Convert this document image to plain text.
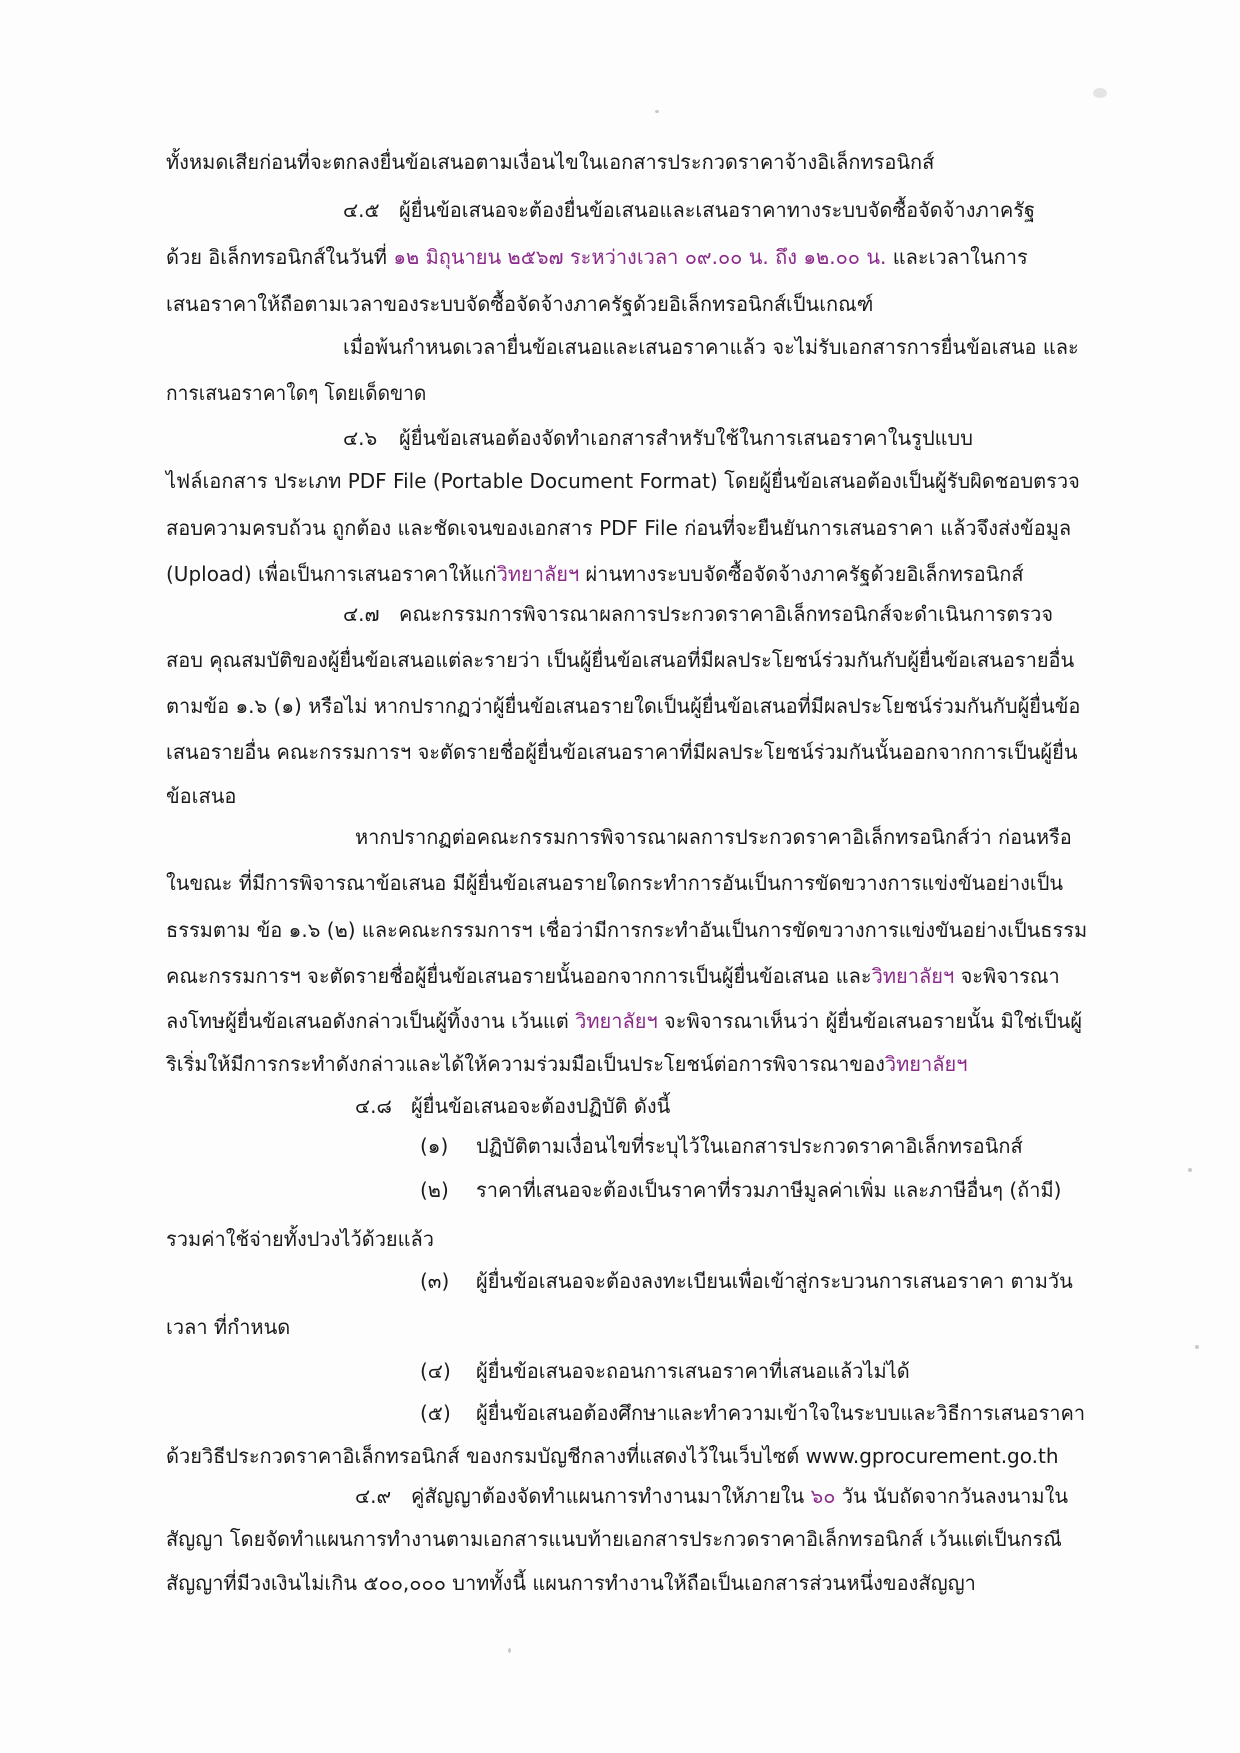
ทั้งหมดเสียก่อนที่จะตกลงยื่นข้อเสนอตามเงื่อนไขในเอกสารประกวดราคาจ้างอิเล็กทรอนิกส์
๔.๕ ผู้ยื่นข้อเสนอจะต้องยื่นข้อเสนอและเสนอราคาทางระบบจัดซื้อจัดจ้างภาครัฐ
ด้วย อิเล็กทรอนิกส์ในวันที่ ๑๒ มิถุนายน ๒๕๖๗ ระหว่างเวลา ๐๙.๐๐ น. ถึง ๑๒.๐๐ น. และเวลาในการ
เสนอราคาให้ถือตามเวลาของระบบจัดซื้อจัดจ้างภาครัฐด้วยอิเล็กทรอนิกส์เป็นเกณฑ์
เมื่อพ้นกำหนดเวลายื่นข้อเสนอและเสนอราคาแล้ว จะไม่รับเอกสารการยื่นข้อเสนอ และ
การเสนอราคาใดๆ โดยเด็ดขาด
๔.๖ ผู้ยื่นข้อเสนอต้องจัดทำเอกสารสำหรับใช้ในการเสนอราคาในรูปแบบ
ไฟล์เอกสาร ประเภท PDF File (Portable Document Format) โดยผู้ยื่นข้อเสนอต้องเป็นผู้รับผิดชอบตรวจ
สอบความครบถ้วน ถูกต้อง และชัดเจนของเอกสาร PDF File ก่อนที่จะยืนยันการเสนอราคา แล้วจึงส่งข้อมูล
(Upload) เพื่อเป็นการเสนอราคาให้แก่วิทยาลัยฯ ผ่านทางระบบจัดซื้อจัดจ้างภาครัฐด้วยอิเล็กทรอนิกส์
๔.๗ คณะกรรมการพิจารณาผลการประกวดราคาอิเล็กทรอนิกส์จะดำเนินการตรวจ
สอบ คุณสมบัติของผู้ยื่นข้อเสนอแต่ละรายว่า เป็นผู้ยื่นข้อเสนอที่มีผลประโยชน์ร่วมกันกับผู้ยื่นข้อเสนอรายอื่น
ตามข้อ ๑.๖ (๑) หรือไม่ หากปรากฏว่าผู้ยื่นข้อเสนอรายใดเป็นผู้ยื่นข้อเสนอที่มีผลประโยชน์ร่วมกันกับผู้ยื่นข้อ
เสนอรายอื่น คณะกรรมการฯ จะตัดรายชื่อผู้ยื่นข้อเสนอราคาที่มีผลประโยชน์ร่วมกันนั้นออกจากการเป็นผู้ยื่น
ข้อเสนอ
หากปรากฏต่อคณะกรรมการพิจารณาผลการประกวดราคาอิเล็กทรอนิกส์ว่า ก่อนหรือ
ในขณะ ที่มีการพิจารณาข้อเสนอ มีผู้ยื่นข้อเสนอรายใดกระทำการอันเป็นการขัดขวางการแข่งขันอย่างเป็น
ธรรมตาม ข้อ ๑.๖ (๒) และคณะกรรมการฯ เชื่อว่ามีการกระทำอันเป็นการขัดขวางการแข่งขันอย่างเป็นธรรม
คณะกรรมการฯ จะตัดรายชื่อผู้ยื่นข้อเสนอรายนั้นออกจากการเป็นผู้ยื่นข้อเสนอ และวิทยาลัยฯ จะพิจารณา
ลงโทษผู้ยื่นข้อเสนอดังกล่าวเป็นผู้ทิ้งงาน เว้นแต่ วิทยาลัยฯ จะพิจารณาเห็นว่า ผู้ยื่นข้อเสนอรายนั้น มิใช่เป็นผู้
ริเริ่มให้มีการกระทำดังกล่าวและได้ให้ความร่วมมือเป็นประโยชน์ต่อการพิจารณาของวิทยาลัยฯ
๔.๘ ผู้ยื่นข้อเสนอจะต้องปฏิบัติ ดังนี้
(๑) ปฏิบัติตามเงื่อนไขที่ระบุไว้ในเอกสารประกวดราคาอิเล็กทรอนิกส์
(๒) ราคาที่เสนอจะต้องเป็นราคาที่รวมภาษีมูลค่าเพิ่ม และภาษีอื่นๆ (ถ้ามี)
รวมค่าใช้จ่ายทั้งปวงไว้ด้วยแล้ว
(๓) ผู้ยื่นข้อเสนอจะต้องลงทะเบียนเพื่อเข้าสู่กระบวนการเสนอราคา ตามวัน
เวลา ที่กำหนด
(๔) ผู้ยื่นข้อเสนอจะถอนการเสนอราคาที่เสนอแล้วไม่ได้
(๕) ผู้ยื่นข้อเสนอต้องศึกษาและทำความเข้าใจในระบบและวิธีการเสนอราคา
ด้วยวิธีประกวดราคาอิเล็กทรอนิกส์ ของกรมบัญชีกลางที่แสดงไว้ในเว็บไซต์ www.gprocurement.go.th
๔.๙ คู่สัญญาต้องจัดทำแผนการทำงานมาให้ภายใน ๖๐ วัน นับถัดจากวันลงนามใน
สัญญา โดยจัดทำแผนการทำงานตามเอกสารแนบท้ายเอกสารประกวดราคาอิเล็กทรอนิกส์ เว้นแต่เป็นกรณี
สัญญาที่มีวงเงินไม่เกิน ๕๐๐,๐๐๐ บาททั้งนี้ แผนการทำงานให้ถือเป็นเอกสารส่วนหนึ่งของสัญญา
